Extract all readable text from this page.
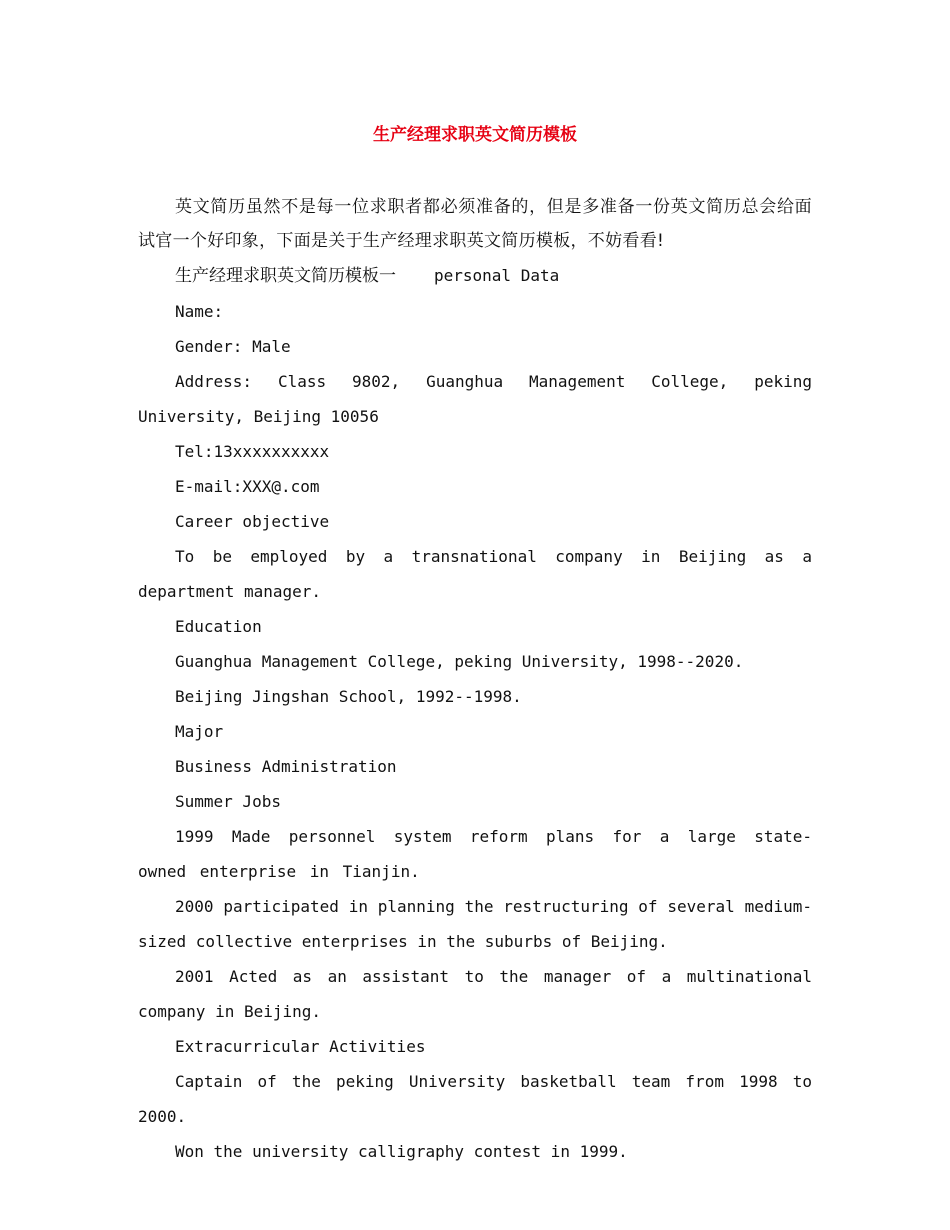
生产经理求职英文简历模板

英文简历虽然不是每一位求职者都必须准备的，但是多准备一份英文简历总会给面试官一个好印象，下面是关于生产经理求职英文简历模板，不妨看看!

生产经理求职英文简历模板一 personal Data

Name:

Gender: Male

Address: Class 9802, Guanghua Management College, peking University, Beijing 10056

Tel:13xxxxxxxxxx

E-mail:XXX@.com

Career objective

To be employed by a transnational company in Beijing as a department manager.

Education

Guanghua Management College, peking University, 1998--2020.

Beijing Jingshan School, 1992--1998.

Major

Business Administration

Summer Jobs

1999 Made personnel system reform plans for a large state-owned enterprise in Tianjin.

2000 participated in planning the restructuring of several medium-sized collective enterprises in the suburbs of Beijing.

2001 Acted as an assistant to the manager of a multinational company in Beijing.

Extracurricular Activities

Captain of the peking University basketball team from 1998 to 2000.

Won the university calligraphy contest in 1999.
